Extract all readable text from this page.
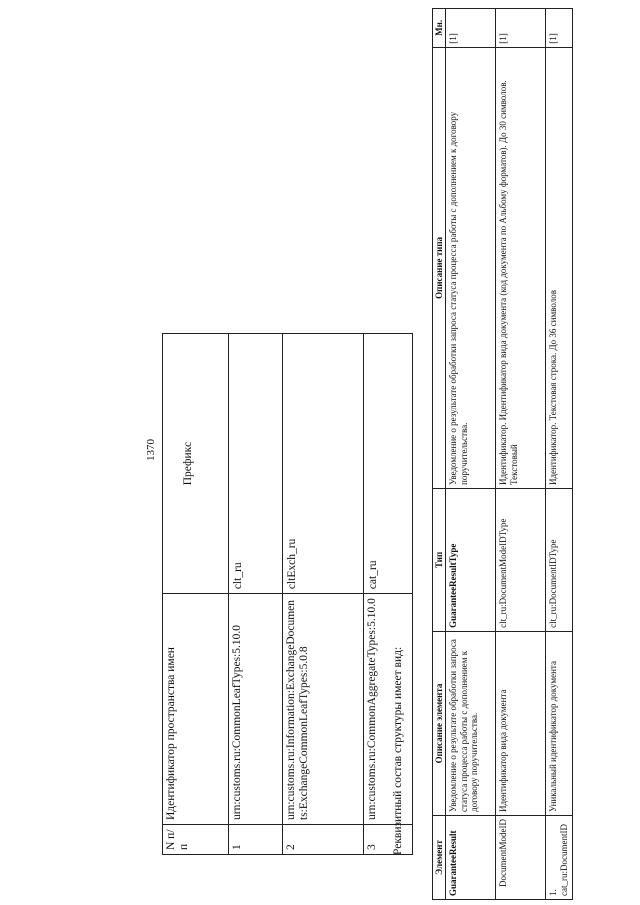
1370
N п/п	Идентификатор пространства имен	Префикс
1	urn:customs.ru:CommonLeafTypes:5.10.0	clt_ru
2	urn:customs.ru:Information:ExchangeDocuments:ExchangeCommonLeafTypes:5.0.8	cltExch_ru
3	urn:customs.ru:CommonAggregateTypes:5.10.0	cat_ru
Реквизитный состав структуры имеет вид:
Элемент	Описание элемента	Тип	Описание типа	Мн.
GuaranteeResult	Уведомление о результате обработки запроса статуса процесса работы с дополнением к договору поручительства.	GuaranteeResultType	Уведомление о результате обработки запроса статуса процесса работы с дополнением к договору поручительства.	[1]
DocumentModeID	Идентификатор вида документа	clt_ru:DocumentModeIDType	Идентификатор. Идентификатор вида документа (код документа по Альбому форматов). До 30 символов. Текстовый	[1]
1. cat_ru:DocumentID	Уникальный идентификатор документа	clt_ru:DocumentIDType	Идентификатор. Текстовая строка. До 36 символов	[1]
